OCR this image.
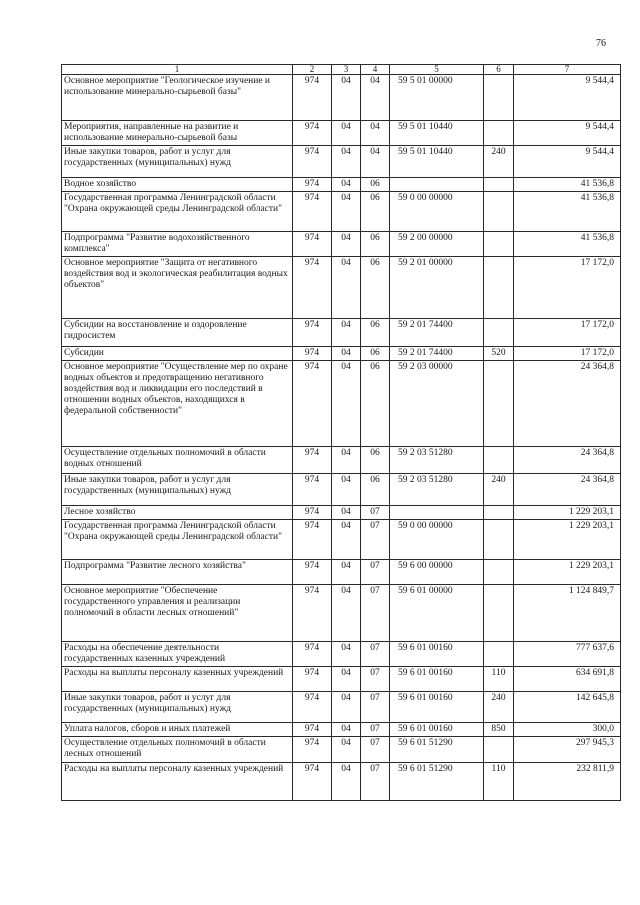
76
1	2	3	4	5	6	7
Основное мероприятие "Геологическое изучение и использование минерально-сырьевой базы"	974	04	04	59 5 01 00000		9 544,4
Мероприятия, направленные на развитие и использование минерально-сырьевой базы	974	04	04	59 5 01 10440		9 544,4
Иные закупки товаров, работ и услуг для государственных (муниципальных) нужд	974	04	04	59 5 01 10440	240	9 544,4
Водное хозяйство	974	04	06			41 536,8
Государственная программа Ленинградской области "Охрана окружающей среды Ленинградской области"	974	04	06	59 0 00 00000		41 536,8
Подпрограмма "Развитие водохозяйственного комплекса"	974	04	06	59 2 00 00000		41 536,8
Основное мероприятие "Защита от негативного воздействия вод и экологическая реабилитация водных объектов"	974	04	06	59 2 01 00000		17 172,0
Субсидии на восстановление и оздоровление гидросистем	974	04	06	59 2 01 74400		17 172,0
Субсидии	974	04	06	59 2 01 74400	520	17 172,0
Основное мероприятие "Осуществление мер по охране водных объектов и предотвращению негативного воздействия вод и ликвидации его последствий в отношении водных объектов, находящихся в федеральной собственности"	974	04	06	59 2 03 00000		24 364,8
Осуществление отдельных полномочий в области водных отношений	974	04	06	59 2 03 51280		24 364,8
Иные закупки товаров, работ и услуг для государственных (муниципальных) нужд	974	04	06	59 2 03 51280	240	24 364,8
Лесное хозяйство	974	04	07			1 229 203,1
Государственная программа Ленинградской области "Охрана окружающей среды Ленинградской области"	974	04	07	59 0 00 00000		1 229 203,1
Подпрограмма "Развитие лесного хозяйства"	974	04	07	59 6 00 00000		1 229 203,1
Основное мероприятие "Обеспечение государственного управления и реализации полномочий в области лесных отношений"	974	04	07	59 6 01 00000		1 124 849,7
Расходы на обеспечение деятельности государственных казенных учреждений	974	04	07	59 6 01 00160		777 637,6
Расходы на выплаты персоналу казенных учреждений	974	04	07	59 6 01 00160	110	634 691,8
Иные закупки товаров, работ и услуг для государственных (муниципальных) нужд	974	04	07	59 6 01 00160	240	142 645,8
Уплата налогов, сборов и иных платежей	974	04	07	59 6 01 00160	850	300,0
Осуществление отдельных полномочий в области лесных отношений	974	04	07	59 6 01 51290		297 945,3
Расходы на выплаты персоналу казенных учреждений	974	04	07	59 6 01 51290	110	232 811,9
